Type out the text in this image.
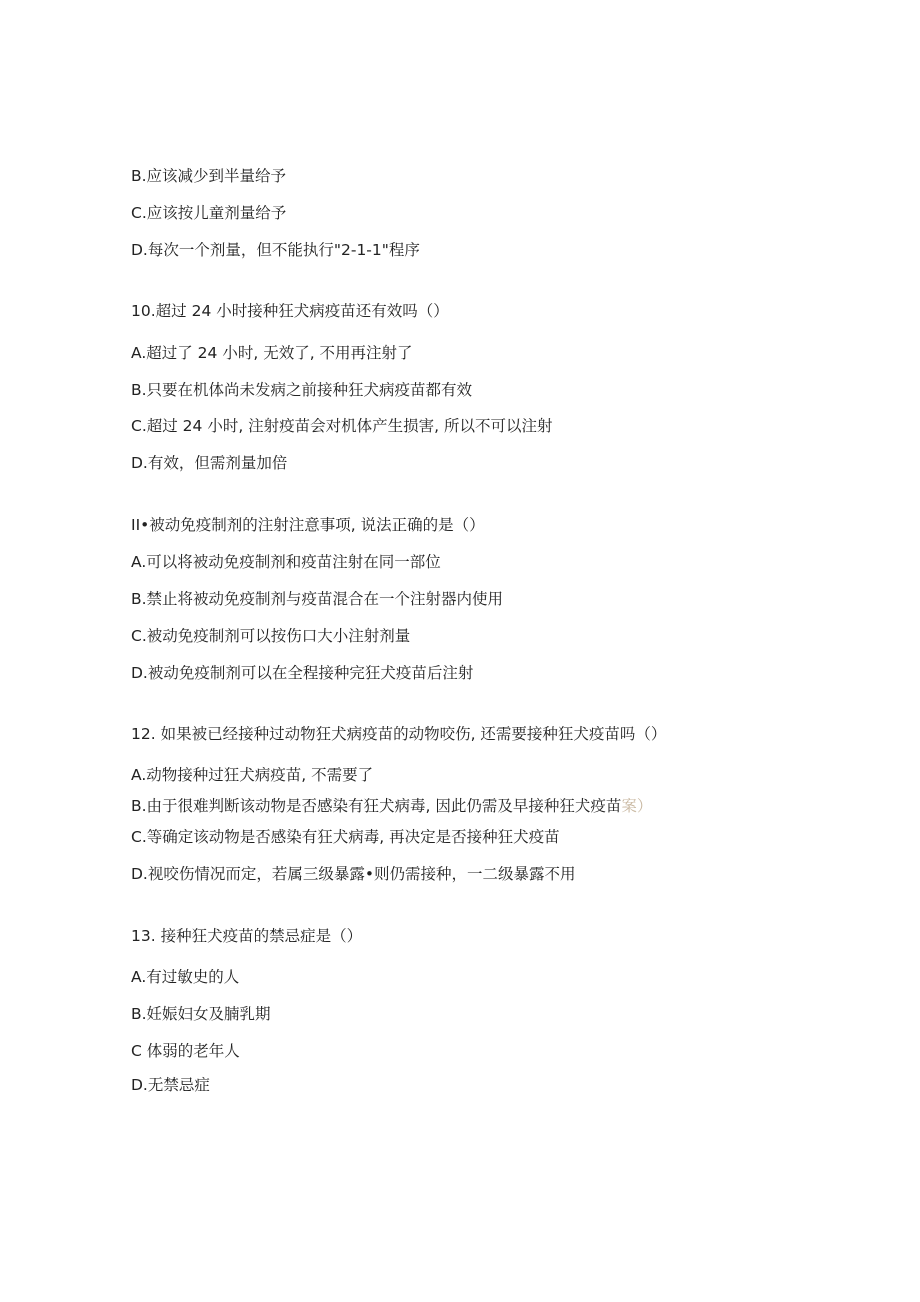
B.应该减少到半量给予
C.应该按儿童剂量给予
D.每次一个剂量，但不能执行"2-1-1"程序
10.超过 24 小时接种狂犬病疫苗还有效吗（）
A.超过了 24 小时, 无效了, 不用再注射了
B.只要在机体尚未发病之前接种狂犬病疫苗都有效
C.超过 24 小时, 注射疫苗会对机体产生损害, 所以不可以注射
D.有效，但需剂量加倍
II•被动免疫制剂的注射注意事项, 说法正确的是（）
A.可以将被动免疫制剂和疫苗注射在同一部位
B.禁止将被动免疫制剂与疫苗混合在一个注射器内使用
C.被动免疫制剂可以按伤口大小注射剂量
D.被动免疫制剂可以在全程接种完狂犬疫苗后注射
12. 如果被已经接种过动物狂犬病疫苗的动物咬伤, 还需要接种狂犬疫苗吗（）
A.动物接种过狂犬病疫苗, 不需要了
B.由于很难判断该动物是否感染有狂犬病毒, 因此仍需及早接种狂犬疫苗案）
C.等确定该动物是否感染有狂犬病毒, 再决定是否接种狂犬疫苗
D.视咬伤情况而定，若属三级暴露•则仍需接种，一二级暴露不用
13. 接种狂犬疫苗的禁忌症是（）
A.有过敏史的人
B.妊娠妇女及腩乳期
C 体弱的老年人
D.无禁忌症
